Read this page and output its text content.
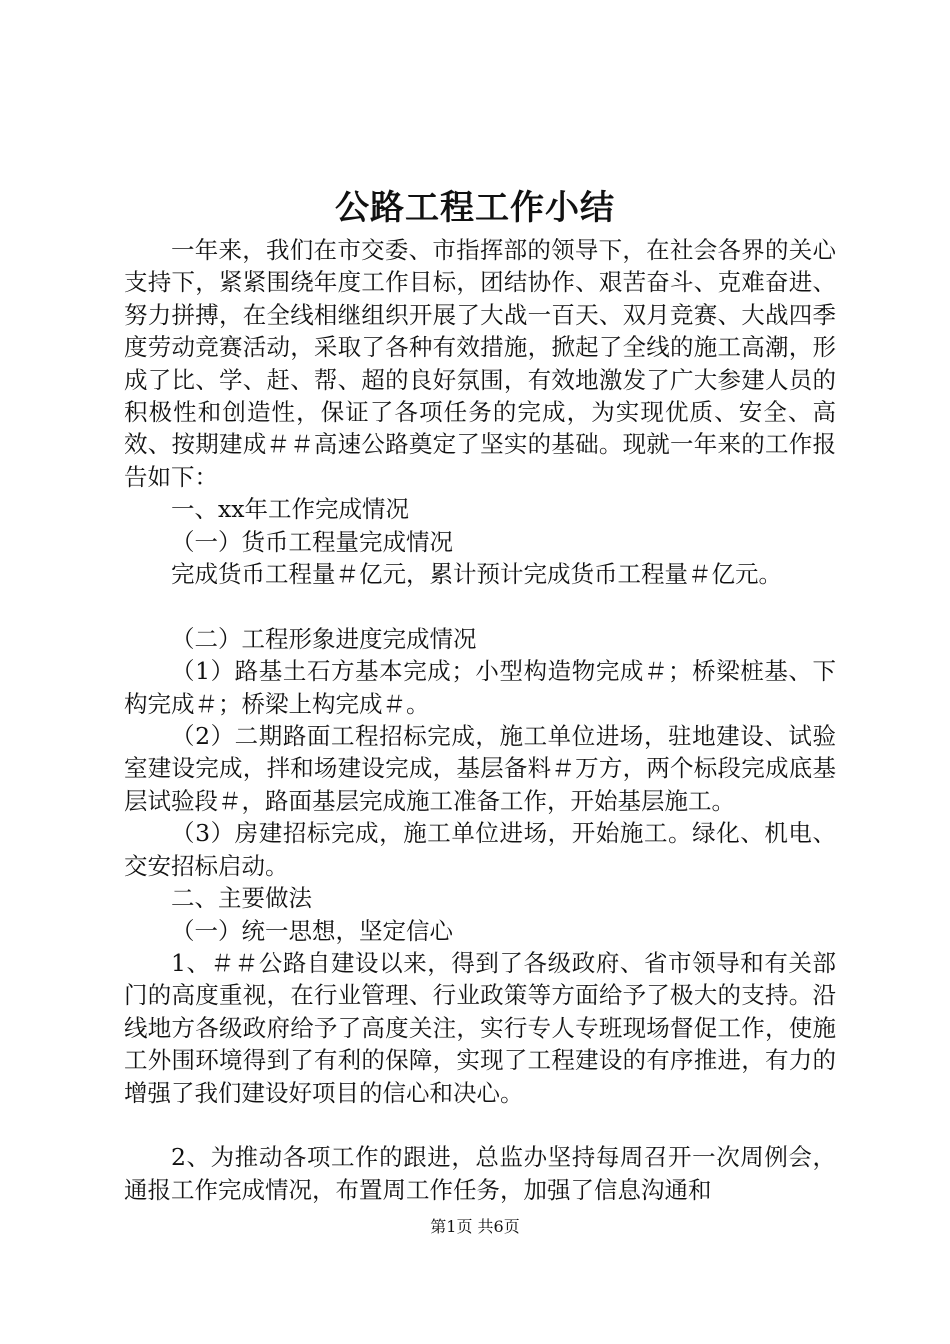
公路工程工作小结

一年来，我们在市交委、市指挥部的领导下，在社会各界的关心支持下，紧紧围绕年度工作目标，团结协作、艰苦奋斗、克难奋进、努力拼搏，在全线相继组织开展了大战一百天、双月竞赛、大战四季度劳动竞赛活动，采取了各种有效措施，掀起了全线的施工高潮，形成了比、学、赶、帮、超的良好氛围，有效地激发了广大参建人员的积极性和创造性，保证了各项任务的完成，为实现优质、安全、高效、按期建成＃＃高速公路奠定了坚实的基础。现就一年来的工作报告如下：

一、xx年工作完成情况

（一）货币工程量完成情况

完成货币工程量＃亿元，累计预计完成货币工程量＃亿元。

（二）工程形象进度完成情况

（1）路基土石方基本完成；小型构造物完成＃；桥梁桩基、下构完成＃；桥梁上构完成＃。

（2）二期路面工程招标完成，施工单位进场，驻地建设、试验室建设完成，拌和场建设完成，基层备料＃万方，两个标段完成底基层试验段＃，路面基层完成施工准备工作，开始基层施工。

（3）房建招标完成，施工单位进场，开始施工。绿化、机电、交安招标启动。

二、主要做法

（一）统一思想，坚定信心

1、＃＃公路自建设以来，得到了各级政府、省市领导和有关部门的高度重视，在行业管理、行业政策等方面给予了极大的支持。沿线地方各级政府给予了高度关注，实行专人专班现场督促工作，使施工外围环境得到了有利的保障，实现了工程建设的有序推进，有力的增强了我们建设好项目的信心和决心。

2、为推动各项工作的跟进，总监办坚持每周召开一次周例会，通报工作完成情况，布置周工作任务，加强了信息沟通和

第1页 共6页
